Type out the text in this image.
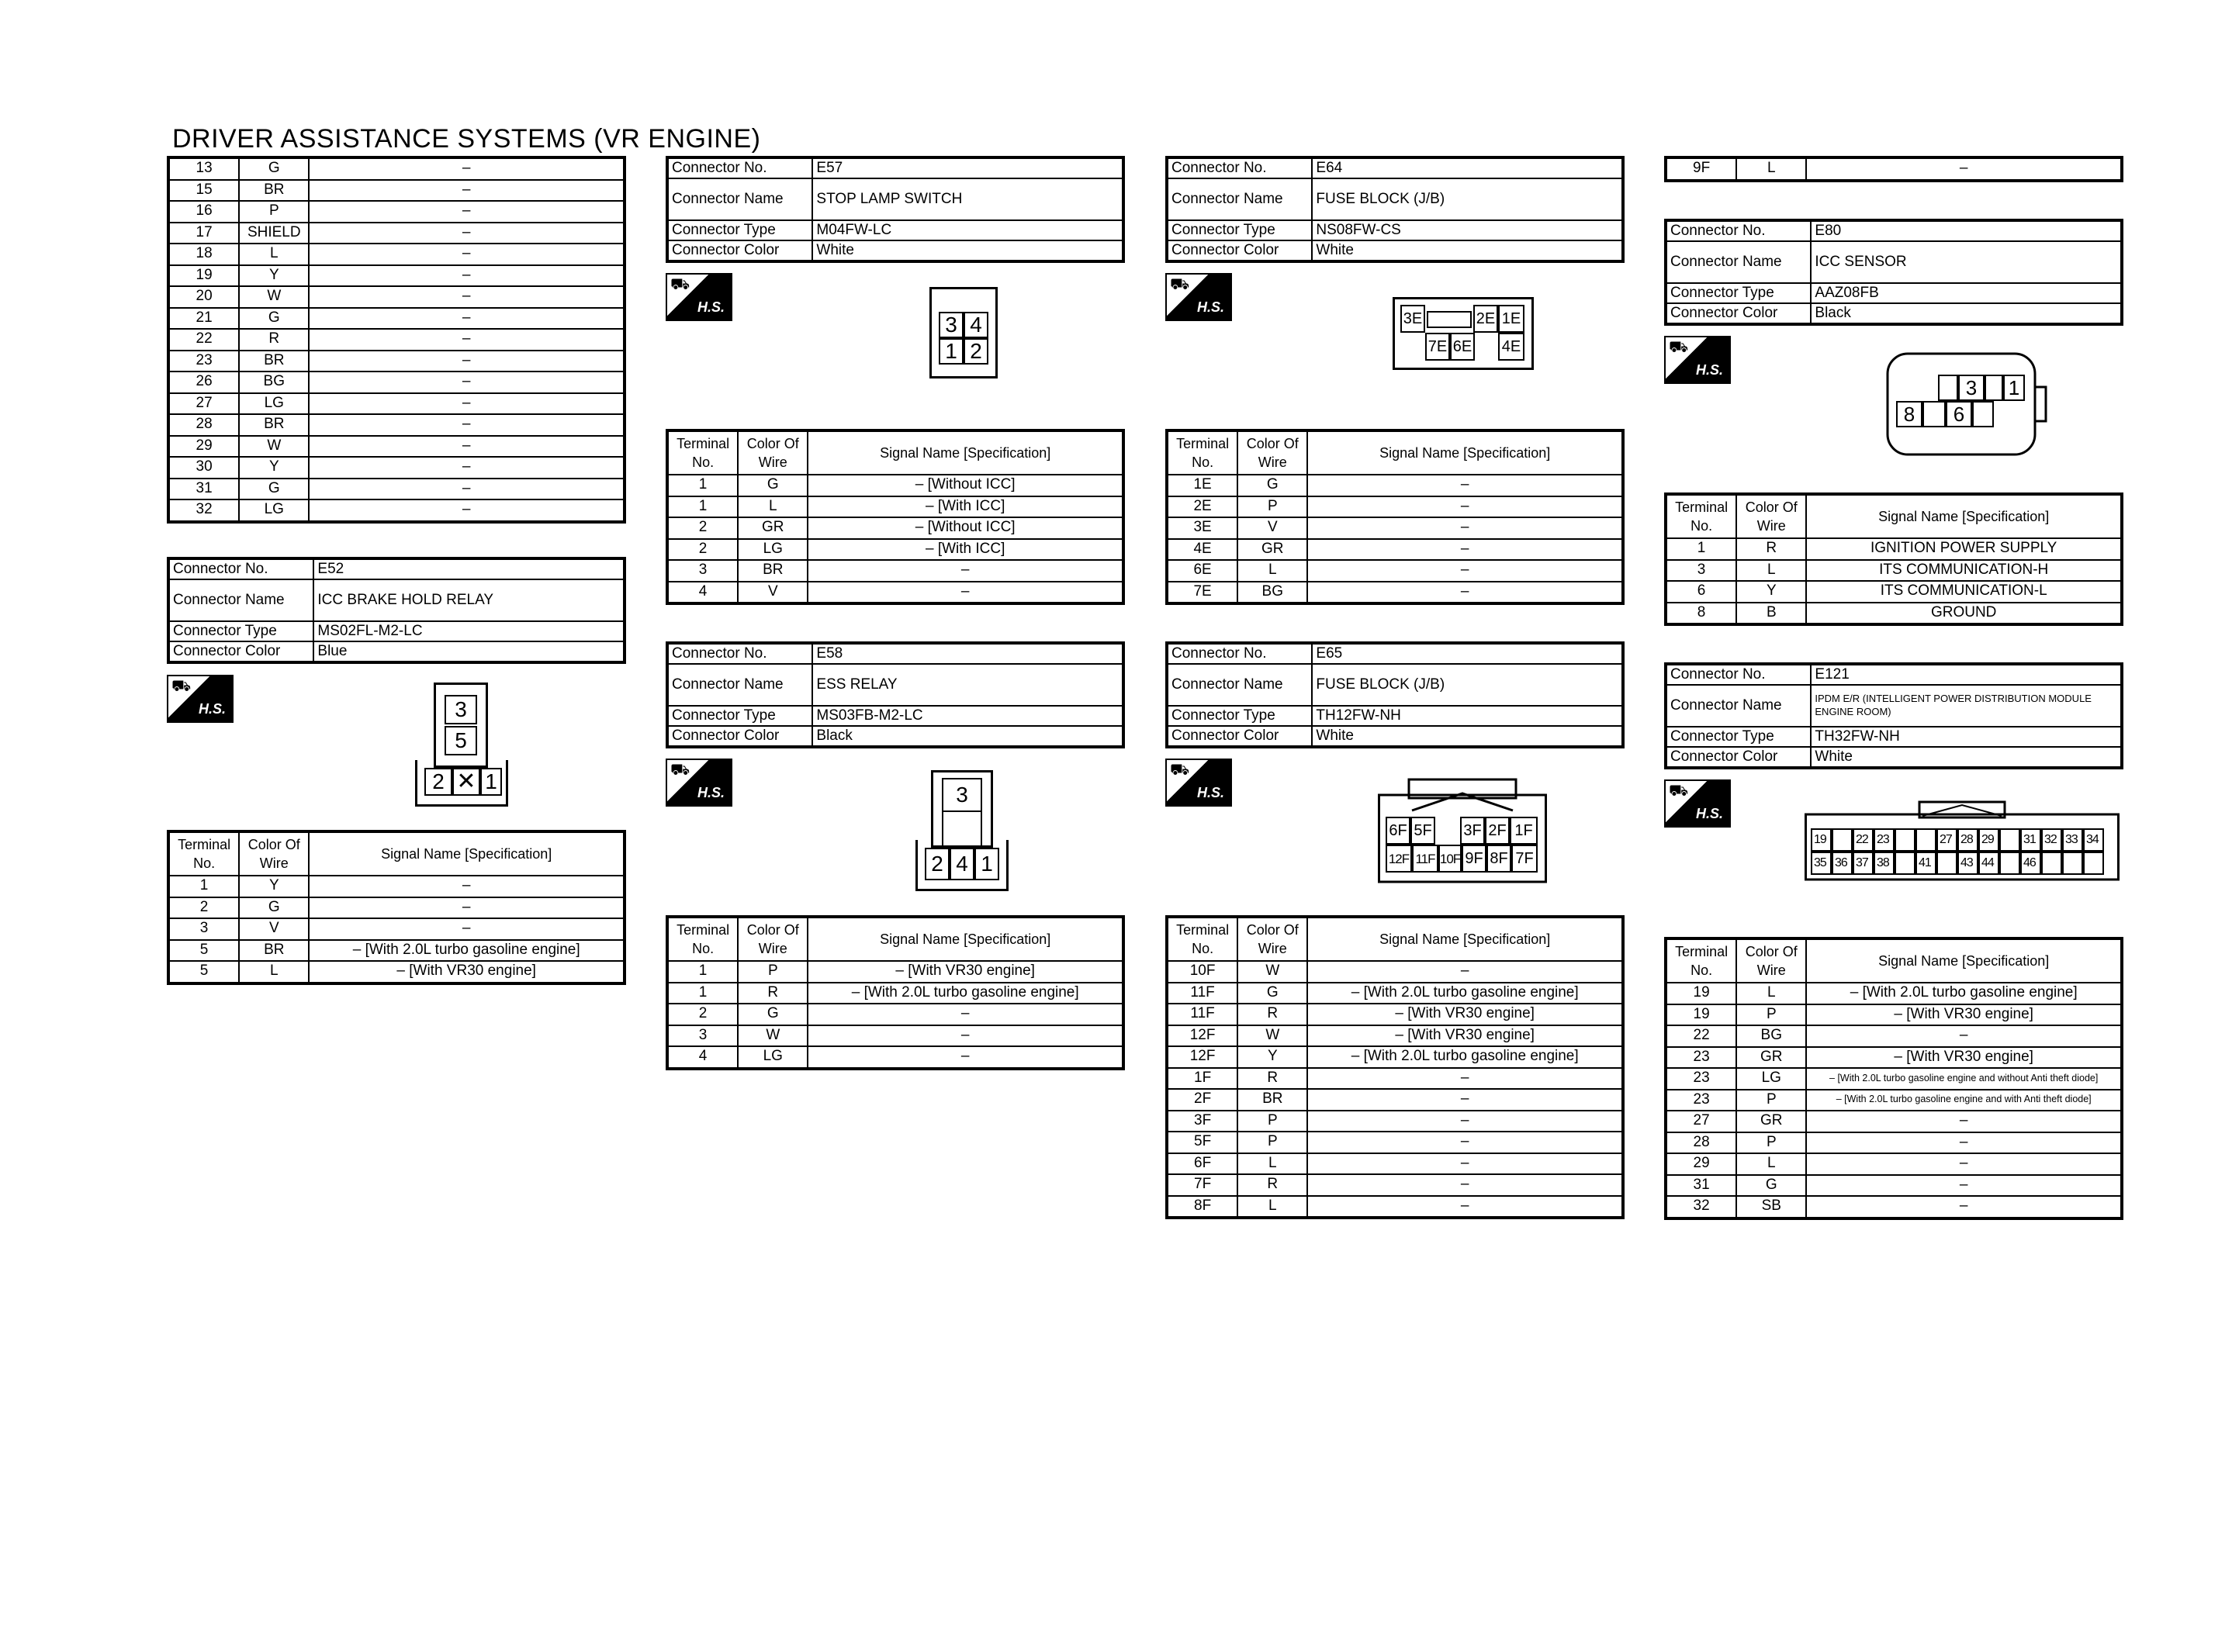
DRIVER ASSISTANCE SYSTEMS (VR ENGINE)
13	G	–
15	BR	–
16	P	–
17	SHIELD	–
18	L	–
19	Y	–
20	W	–
21	G	–
22	R	–
23	BR	–
26	BG	–
27	LG	–
28	BR	–
29	W	–
30	Y	–
31	G	–
32	LG	–
Connector No.	E52
Connector Name	ICC BRAKE HOLD RELAY
Connector Type	MS02FL-M2-LC
Connector Color	Blue
⛟
H.S.	3
5
2 ✕ 1
Terminal No.	Color Of Wire	Signal Name [Specification]
1	Y	–
2	G	–
3	V	–
5	BR	– [With 2.0L turbo gasoline engine]
5	L	– [With VR30 engine]
Connector No.	E57
Connector Name	STOP LAMP SWITCH
Connector Type	M04FW-LC
Connector Color	White
⛟
H.S.
3 4
1 2
Terminal No.	Color Of Wire	Signal Name [Specification]
1	G	– [Without ICC]
1	L	– [With ICC]
2	GR	– [Without ICC]
2	LG	– [With ICC]
3	BR	–
4	V	–
Connector No.	E58
Connector Name	ESS RELAY
Connector Type	MS03FB-M2-LC
Connector Color	Black
⛟
H.S.	3
2 4 1
Terminal No.	Color Of Wire	Signal Name [Specification]
1	P	– [With VR30 engine]
1	R	– [With 2.0L turbo gasoline engine]
2	G	–
3	W	–
4	LG	–
Connector No.	E64
Connector Name	FUSE BLOCK (J/B)
Connector Type	NS08FW-CS
Connector Color	White
⛟
H.S.
3E	2E 1E
7E 6E 4E
Terminal No.	Color Of Wire	Signal Name [Specification]
1E	G	–
2E	P	–
3E	V	–
4E	GR	–
6E	L	–
7E	BG	–
Connector No.	E65
Connector Name	FUSE BLOCK (J/B)
Connector Type	TH12FW-NH
Connector Color	White
⛟
H.S.
6F 5F 3F 2F 1F
12F 11F 10F 9F 8F 7F
Terminal No.	Color Of Wire	Signal Name [Specification]
10F	W	–
11F	G	– [With 2.0L turbo gasoline engine]
11F	R	– [With VR30 engine]
12F	W	– [With VR30 engine]
12F	Y	– [With 2.0L turbo gasoline engine]
1F	R	–
2F	BR	–
3F	P	–
5F	P	–
6F	L	–
7F	R	–
8F	L	–
9F	L	–
Connector No.	E80
Connector Name	ICC SENSOR
Connector Type	AAZ08FB
Connector Color	Black
⛟
H.S.
3	1
8	6
Terminal No.	Color Of Wire	Signal Name [Specification]
1	R	IGNITION POWER SUPPLY
3	L	ITS COMMUNICATION-H
6	Y	ITS COMMUNICATION-L
8	B	GROUND
Connector No.	E121
Connector Name	IPDM E/R (INTELLIGENT POWER DISTRIBUTION MODULE ENGINE ROOM)
Connector Type	TH32FW-NH
Connector Color	White
⛟
H.S.
19	22 23	27 28 29	31 32 33 34
35 36 37 38	41	43 44	46
Terminal No.	Color Of Wire	Signal Name [Specification]
19	L	– [With 2.0L turbo gasoline engine]
19	P	– [With VR30 engine]
22	BG	–
23	GR	– [With VR30 engine]
23	LG	– [With 2.0L turbo gasoline engine and without Anti theft diode]
23	P	– [With 2.0L turbo gasoline engine and with Anti theft diode]
27	GR	–
28	P	–
29	L	–
31	G	–
32	SB	–
